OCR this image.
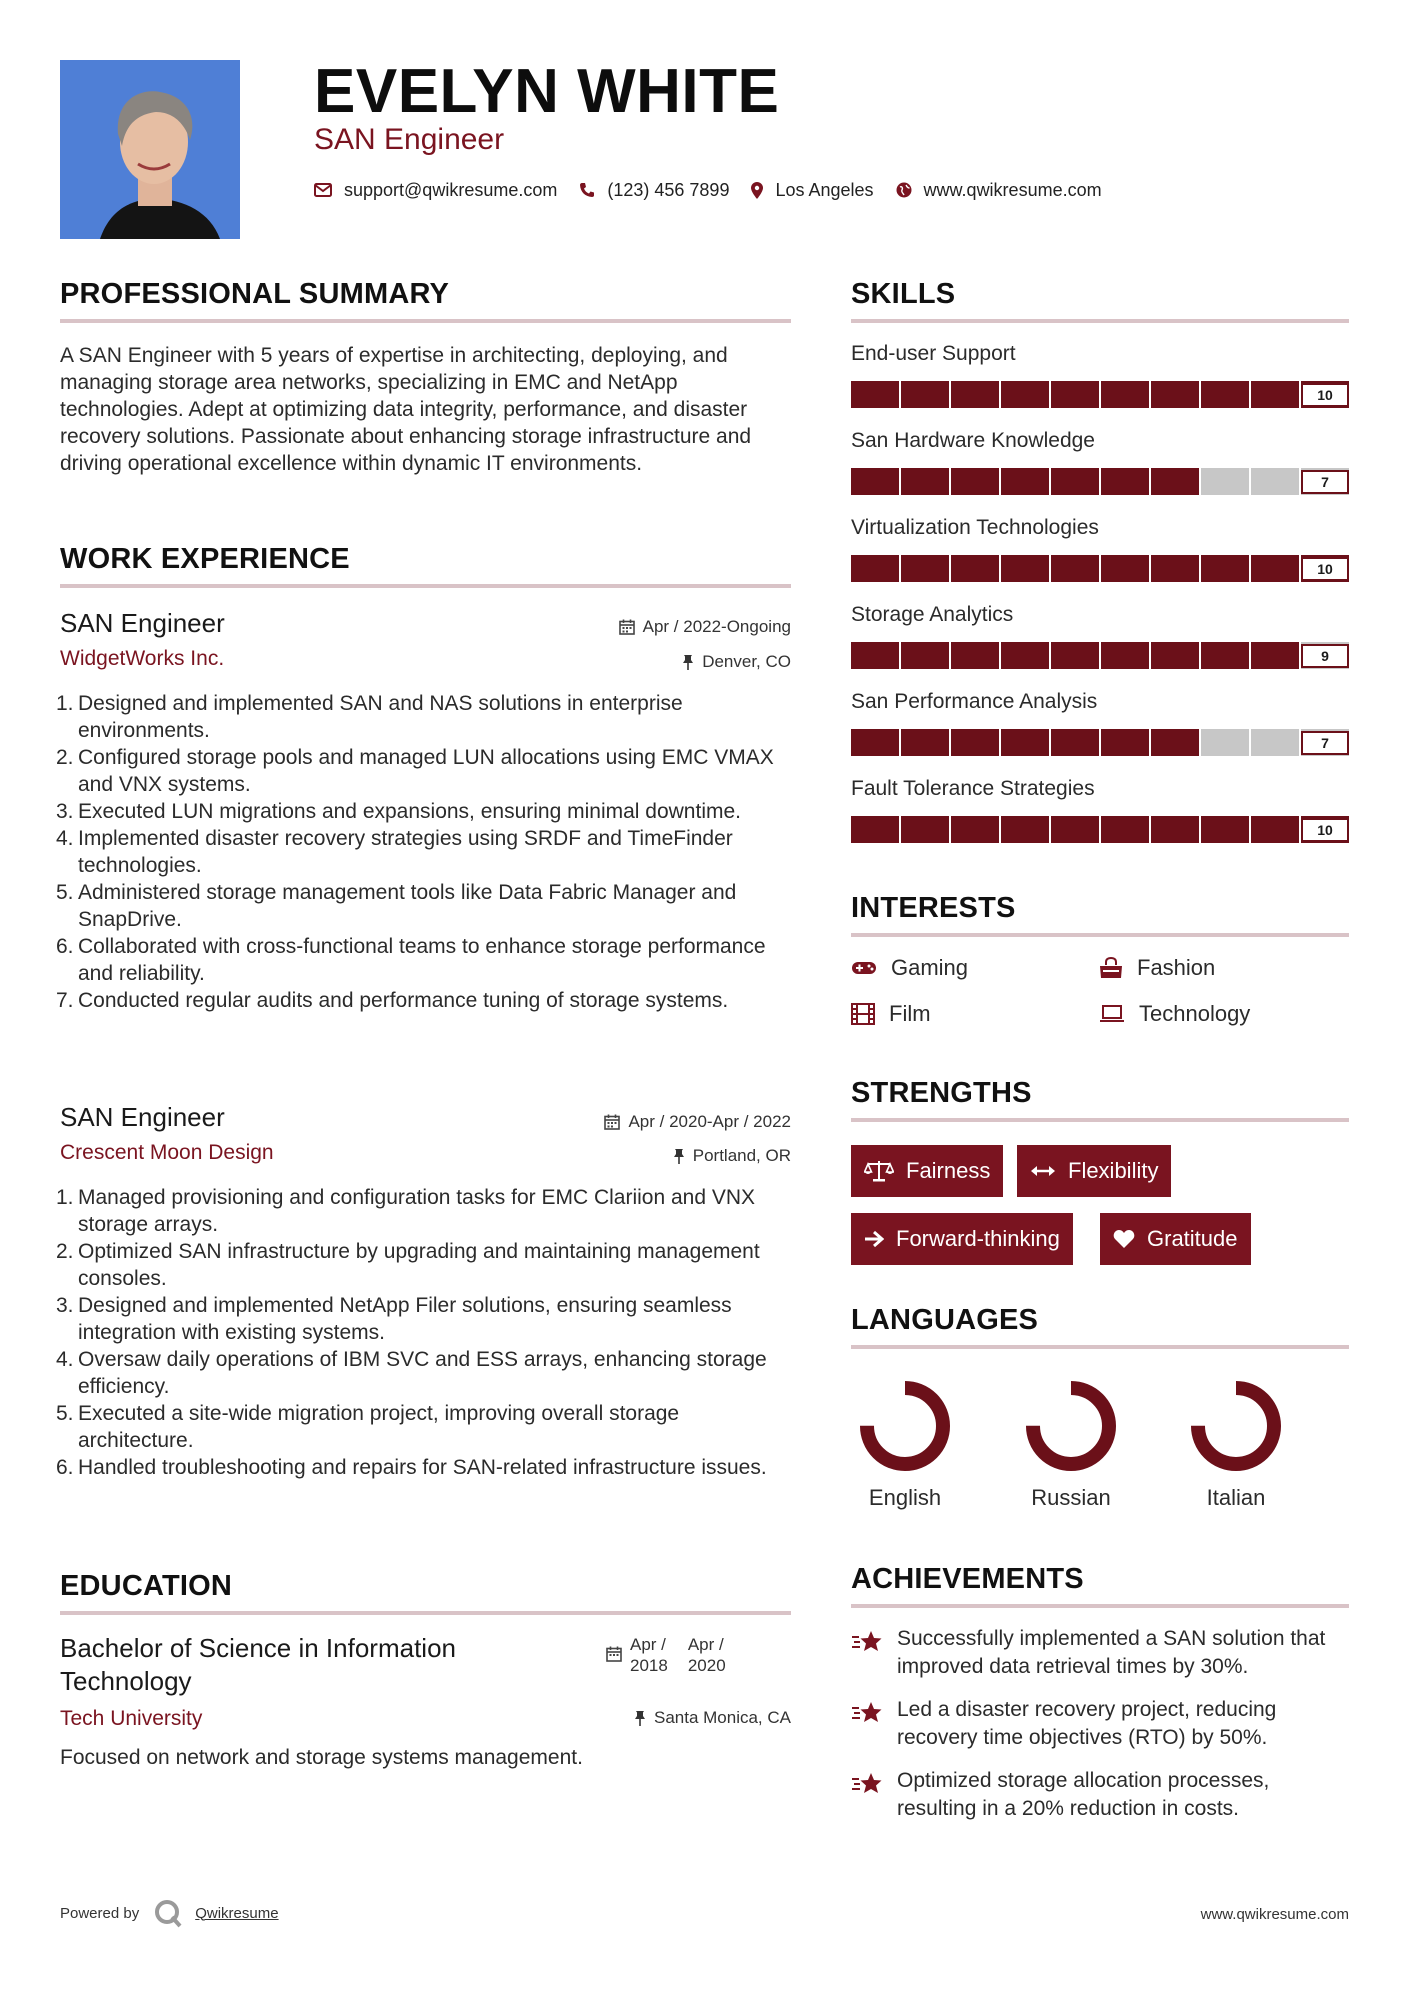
EVELYN WHITE
SAN Engineer
support@qwikresume.com	(123) 456 7899	Los Angeles	www.qwikresume.com
PROFESSIONAL SUMMARY
A SAN Engineer with 5 years of expertise in architecting, deploying, and managing storage area networks, specializing in EMC and NetApp technologies. Adept at optimizing data integrity, performance, and disaster recovery solutions. Passionate about enhancing storage infrastructure and driving operational excellence within dynamic IT environments.
WORK EXPERIENCE
SAN Engineer	Apr / 2022-Ongoing
WidgetWorks Inc.	Denver, CO
1. Designed and implemented SAN and NAS solutions in enterprise environments.
2. Configured storage pools and managed LUN allocations using EMC VMAX and VNX systems.
3. Executed LUN migrations and expansions, ensuring minimal downtime.
4. Implemented disaster recovery strategies using SRDF and TimeFinder technologies.
5. Administered storage management tools like Data Fabric Manager and SnapDrive.
6. Collaborated with cross-functional teams to enhance storage performance and reliability.
7. Conducted regular audits and performance tuning of storage systems.
SAN Engineer	Apr / 2020-Apr / 2022
Crescent Moon Design	Portland, OR
1. Managed provisioning and configuration tasks for EMC Clariion and VNX storage arrays.
2. Optimized SAN infrastructure by upgrading and maintaining management consoles.
3. Designed and implemented NetApp Filer solutions, ensuring seamless integration with existing systems.
4. Oversaw daily operations of IBM SVC and ESS arrays, enhancing storage efficiency.
5. Executed a site-wide migration project, improving overall storage architecture.
6. Handled troubleshooting and repairs for SAN-related infrastructure issues.
EDUCATION
Bachelor of Science in Information Technology
Apr /
2018
Apr /
2020
Tech University	Santa Monica, CA
Focused on network and storage systems management.
SKILLS
End-user Support
10
San Hardware Knowledge
7
Virtualization Technologies
10
Storage Analytics
9
San Performance Analysis
7
Fault Tolerance Strategies
10
INTERESTS
Gaming	Fashion
Film	Technology
STRENGTHS
Fairness	Flexibility
Forward-thinking	Gratitude
LANGUAGES
English	Russian	Italian
ACHIEVEMENTS
Successfully implemented a SAN solution that improved data retrieval times by 30%.
Led a disaster recovery project, reducing recovery time objectives (RTO) by 50%.
Optimized storage allocation processes, resulting in a 20% reduction in costs.
Powered by	Qwikresume	www.qwikresume.com
